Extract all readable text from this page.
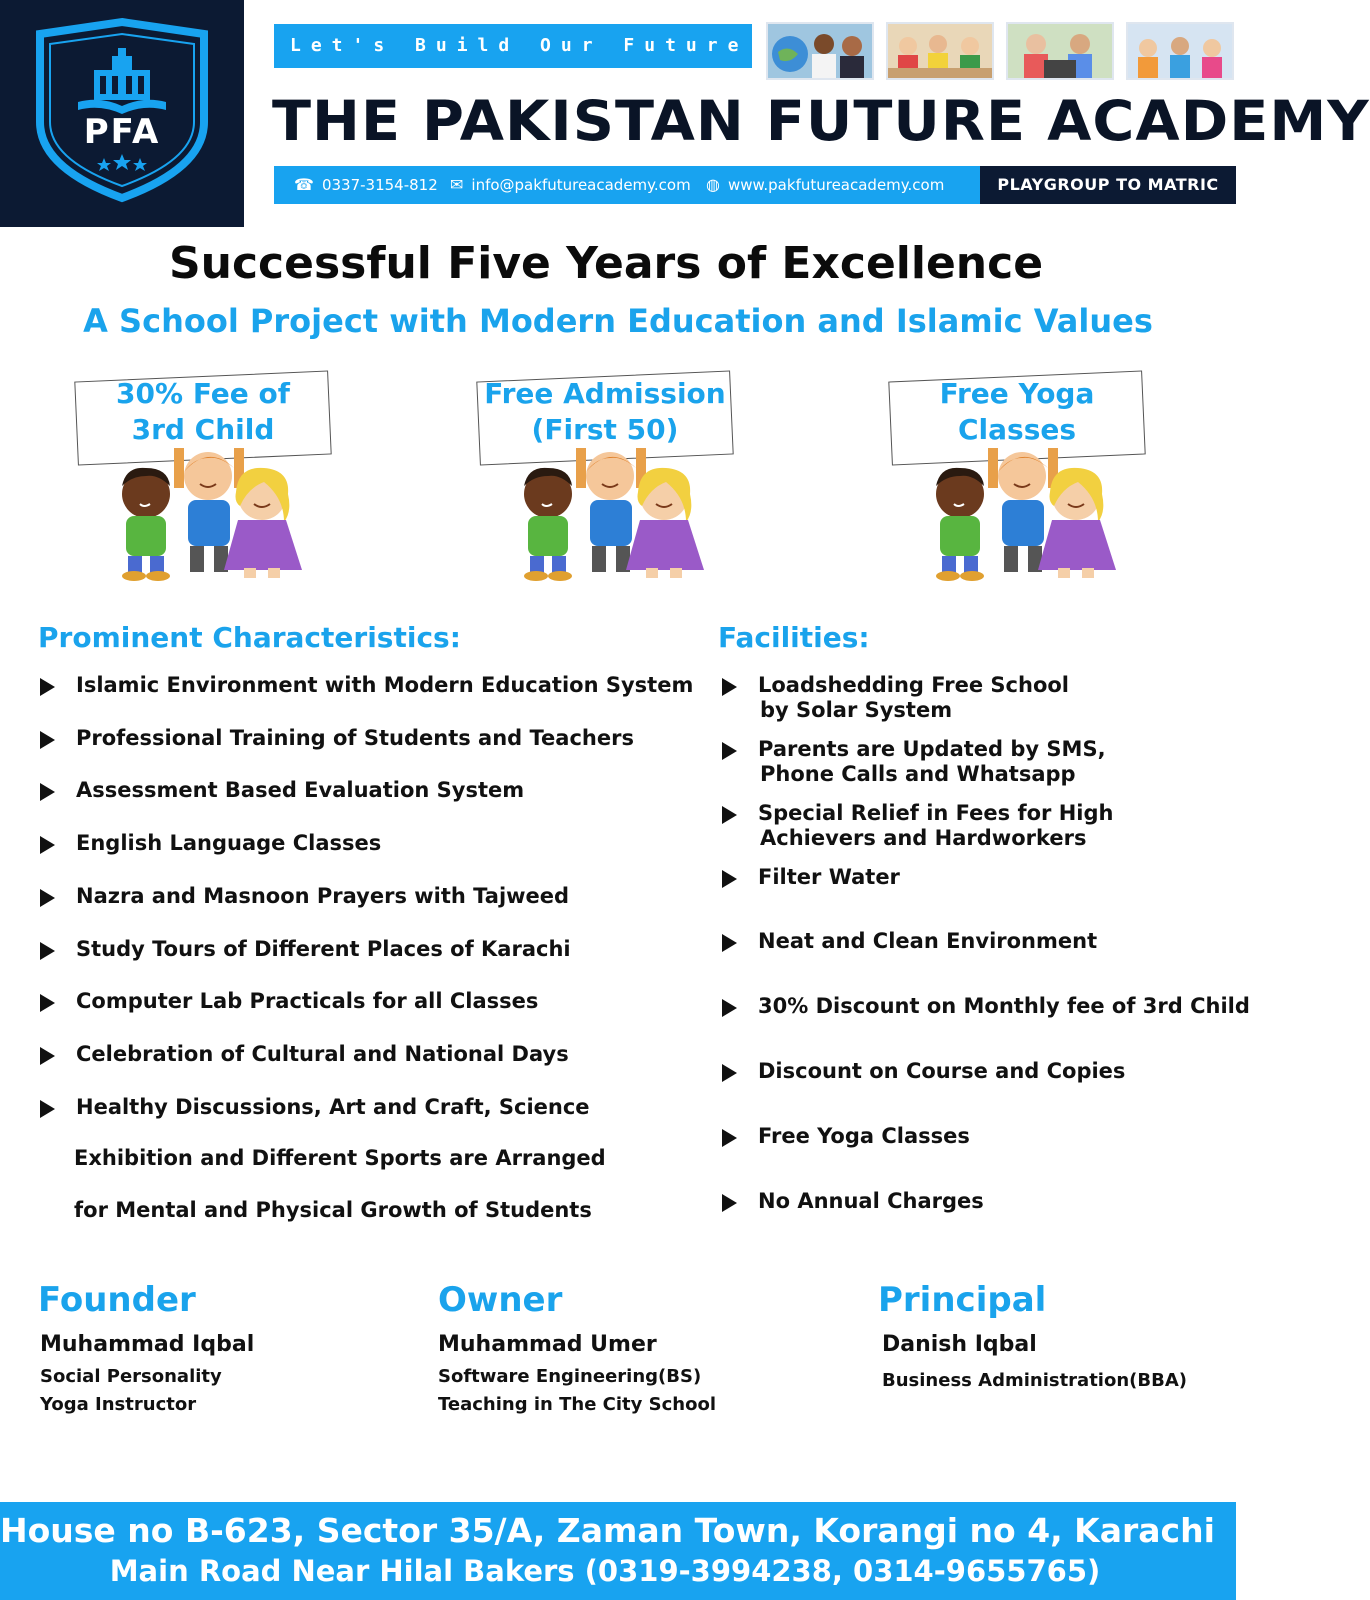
PFA
Let's Build Our Future
THE PAKISTAN FUTURE ACADEMY
☎ 0337-3154-812 ✉ info@pakfutureacademy.com ◍ www.pakfutureacademy.com	PLAYGROUP TO MATRIC
Successful Five Years of Excellence
A School Project with Modern Education and Islamic Values
30% Fee of
3rd Child
Free Admission
(First 50)
Free Yoga
Classes
Prominent Characteristics:
Islamic Environment with Modern Education System
Professional Training of Students and Teachers
Assessment Based Evaluation System
English Language Classes
Nazra and Masnoon Prayers with Tajweed
Study Tours of Different Places of Karachi
Computer Lab Practicals for all Classes
Celebration of Cultural and National Days
Healthy Discussions, Art and Craft, Science
Exhibition and Different Sports are Arranged
for Mental and Physical Growth of Students
Facilities:
Loadshedding Free School
by Solar System
Parents are Updated by SMS,
Phone Calls and Whatsapp
Special Relief in Fees for High
Achievers and Hardworkers
Filter Water
Neat and Clean Environment
30% Discount on Monthly fee of 3rd Child
Discount on Course and Copies
Free Yoga Classes
No Annual Charges
Founder
Muhammad Iqbal
Social Personality
Yoga Instructor
Owner
Muhammad Umer
Software Engineering(BS)
Teaching in The City School
Principal
Danish Iqbal
Business Administration(BBA)
House no B-623, Sector 35/A, Zaman Town, Korangi no 4, Karachi
Main Road Near Hilal Bakers (0319-3994238, 0314-9655765)
